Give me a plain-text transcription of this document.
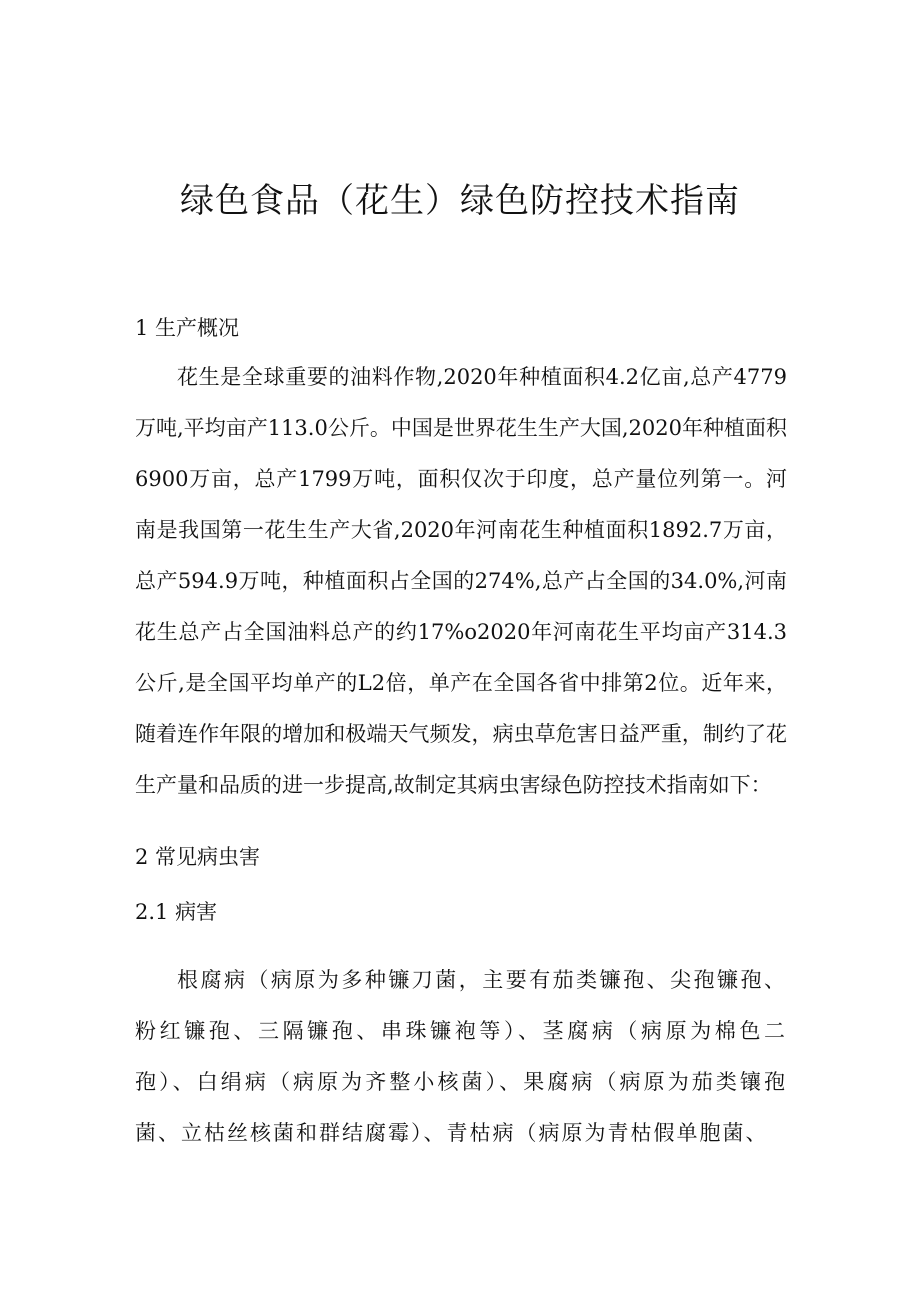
绿色食品（花生）绿色防控技术指南
1 生产概况

花生是全球重要的油料作物,2020年种植面积4.2亿亩,总产4779万吨,平均亩产113.0公斤。中国是世界花生生产大国,2020年种植面积6900万亩，总产1799万吨，面积仅次于印度，总产量位列第一。河南是我国第一花生生产大省,2020年河南花生种植面积1892.7万亩，总产594.9万吨，种植面积占全国的274%,总产占全国的34.0%,河南花生总产占全国油料总产的约17%o2020年河南花生平均亩产314.3公斤,是全国平均单产的L2倍，单产在全国各省中排第2位。近年来，随着连作年限的增加和极端天气频发，病虫草危害日益严重，制约了花生产量和品质的进一步提高,故制定其病虫害绿色防控技术指南如下：

2 常见病虫害
2.1 病害

根腐病（病原为多种镰刀菌，主要有茄类镰孢、尖孢镰孢、粉红镰孢、三隔镰孢、串珠镰袍等）、茎腐病（病原为棉色二孢）、白绢病（病原为齐整小核菌）、果腐病（病原为茄类镶孢菌、立枯丝核菌和群结腐霉）、青枯病（病原为青枯假单胞菌、
